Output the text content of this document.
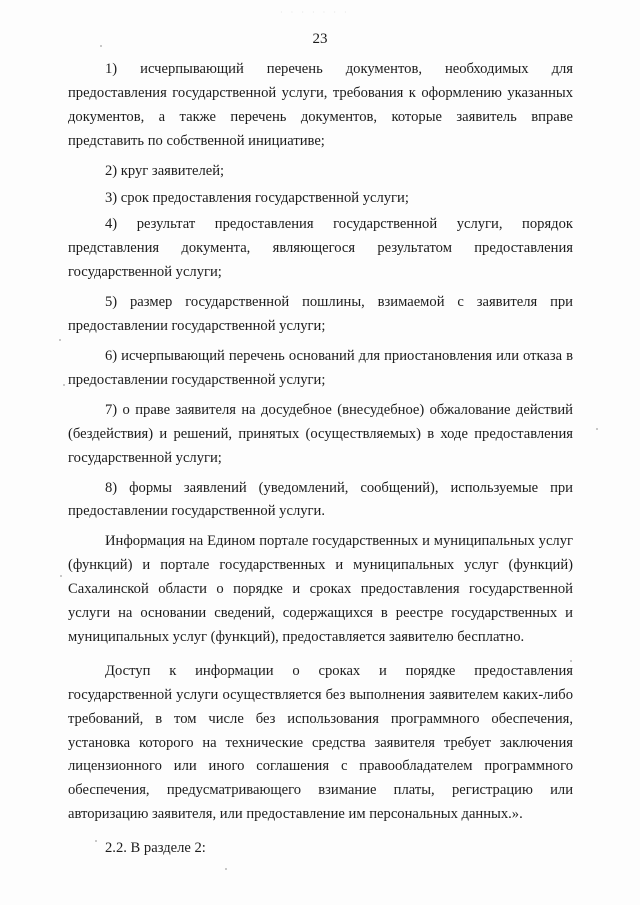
· · · · · · ·
23

1) исчерпывающий перечень документов, необходимых для предоставления государственной услуги, требования к оформлению указанных документов, а также перечень документов, которые заявитель вправе представить по собственной инициативе;

2) круг заявителей;

3) срок предоставления государственной услуги;

4) результат предоставления государственной услуги, порядок представления документа, являющегося результатом предоставления государственной услуги;

5) размер государственной пошлины, взимаемой с заявителя при предоставлении государственной услуги;

6) исчерпывающий перечень оснований для приостановления или отказа в предоставлении государственной услуги;

7) о праве заявителя на досудебное (внесудебное) обжалование действий (бездействия) и решений, принятых (осуществляемых) в ходе предоставления государственной услуги;

8) формы заявлений (уведомлений, сообщений), используемые при предоставлении государственной услуги.

Информация на Едином портале государственных и муниципальных услуг (функций) и портале государственных и муниципальных услуг (функций) Сахалинской области о порядке и сроках предоставления государственной услуги на основании сведений, содержащихся в реестре государственных и муниципальных услуг (функций), предоставляется заявителю бесплатно.

Доступ к информации о сроках и порядке предоставления государственной услуги осуществляется без выполнения заявителем каких-либо требований, в том числе без использования программного обеспечения, установка которого на технические средства заявителя требует заключения лицензионного или иного соглашения с правообладателем программного обеспечения, предусматривающего взимание платы, регистрацию или авторизацию заявителя, или предоставление им персональных данных.».

2.2. В разделе 2:
